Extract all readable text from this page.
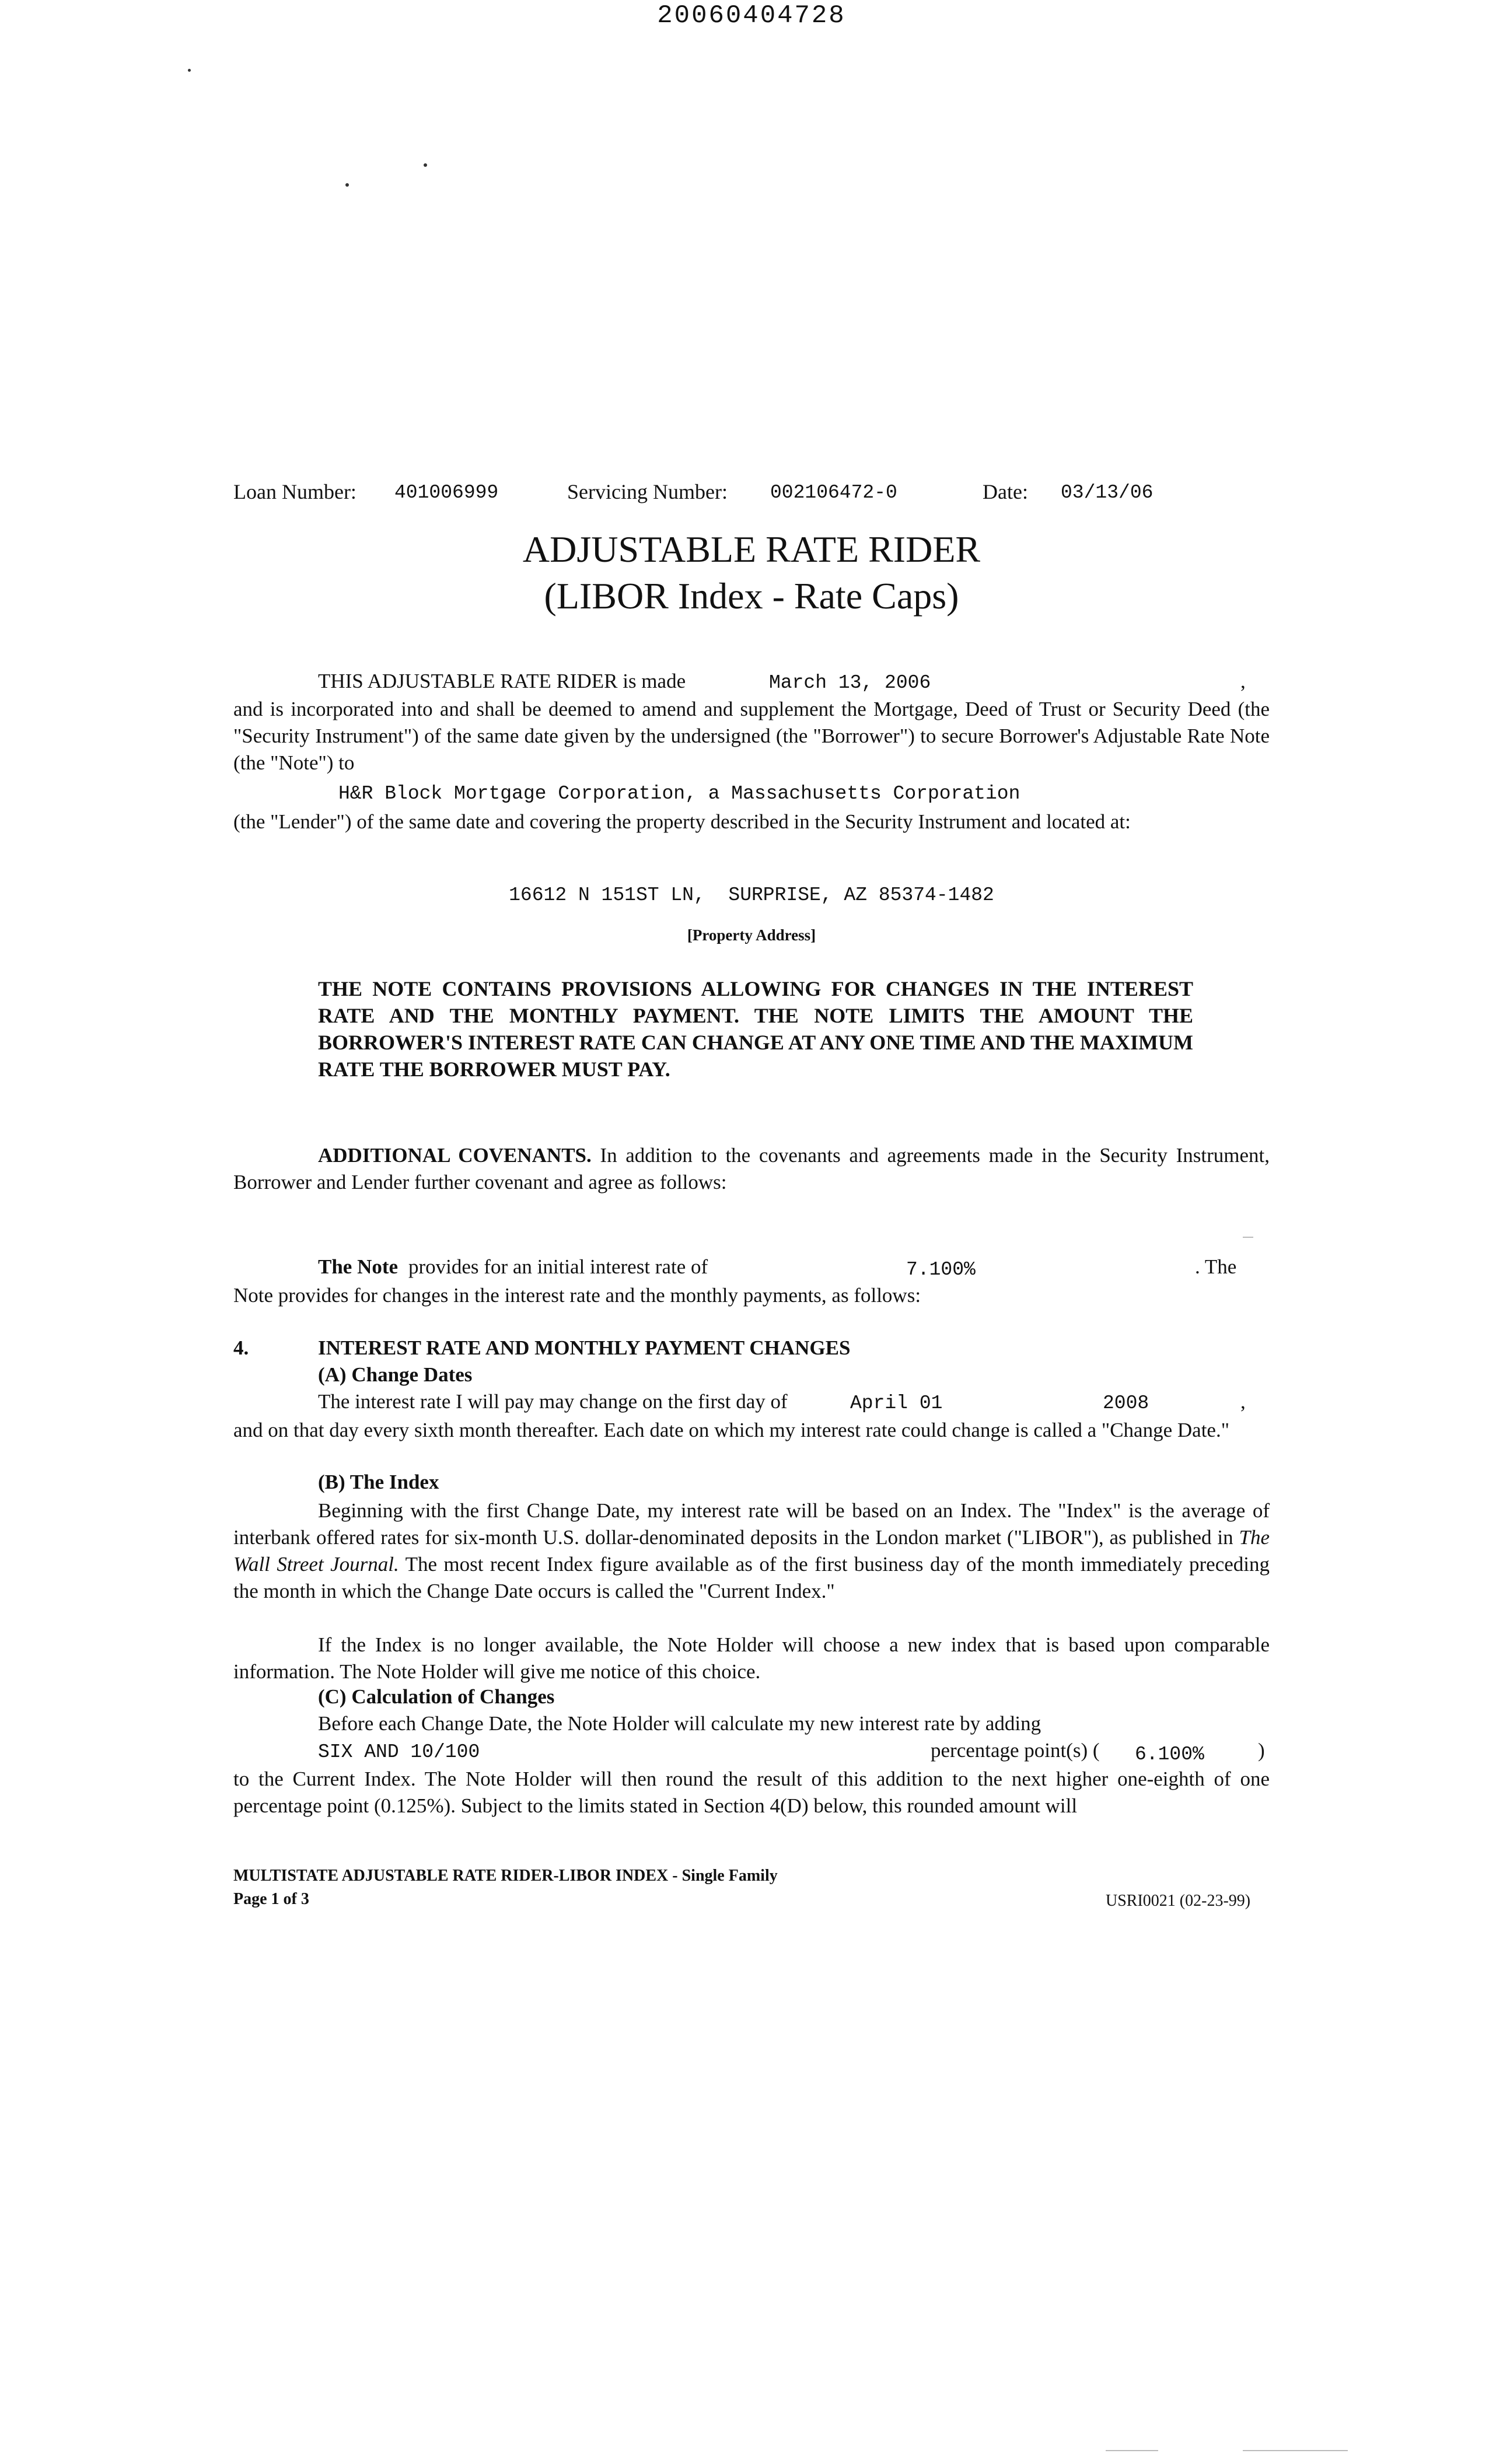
20060404728
Loan Number: 401006999	Servicing Number: 002106472-0	Date: 03/13/06
ADJUSTABLE RATE RIDER
(LIBOR Index - Rate Caps)
THIS ADJUSTABLE RATE RIDER is made	March 13, 2006	,
and is incorporated into and shall be deemed to amend and supplement the Mortgage, Deed of Trust or Security Deed (the "Security Instrument") of the same date given by the undersigned (the "Borrower") to secure Borrower's Adjustable Rate Note (the "Note") to
H&R Block Mortgage Corporation, a Massachusetts Corporation
(the "Lender") of the same date and covering the property described in the Security Instrument and located at:
16612 N 151ST LN,  SURPRISE, AZ 85374-1482
[Property Address]
THE NOTE CONTAINS PROVISIONS ALLOWING FOR CHANGES IN THE INTEREST RATE AND THE MONTHLY PAYMENT. THE NOTE LIMITS THE AMOUNT THE BORROWER'S INTEREST RATE CAN CHANGE AT ANY ONE TIME AND THE MAXIMUM RATE THE BORROWER MUST PAY.
ADDITIONAL COVENANTS. In addition to the covenants and agreements made in the Security Instrument, Borrower and Lender further covenant and agree as follows:
The Note provides for an initial interest rate of	7.100%	. The
Note provides for changes in the interest rate and the monthly payments, as follows:
4.	INTEREST RATE AND MONTHLY PAYMENT CHANGES
(A) Change Dates
The interest rate I will pay may change on the first day of	April 01	2008	,
and on that day every sixth month thereafter. Each date on which my interest rate could change is called a "Change Date."
(B) The Index
Beginning with the first Change Date, my interest rate will be based on an Index. The "Index" is the average of interbank offered rates for six-month U.S. dollar-denominated deposits in the London market ("LIBOR"), as published in The Wall Street Journal. The most recent Index figure available as of the first business day of the month immediately preceding the month in which the Change Date occurs is called the "Current Index."
If the Index is no longer available, the Note Holder will choose a new index that is based upon comparable information. The Note Holder will give me notice of this choice.
(C) Calculation of Changes
Before each Change Date, the Note Holder will calculate my new interest rate by adding
SIX AND 10/100	percentage point(s) ( 6.100%	)
to the Current Index. The Note Holder will then round the result of this addition to the next higher one-eighth of one percentage point (0.125%). Subject to the limits stated in Section 4(D) below, this rounded amount will
MULTISTATE ADJUSTABLE RATE RIDER-LIBOR INDEX - Single Family
Page 1 of 3	USRI0021 (02-23-99)
